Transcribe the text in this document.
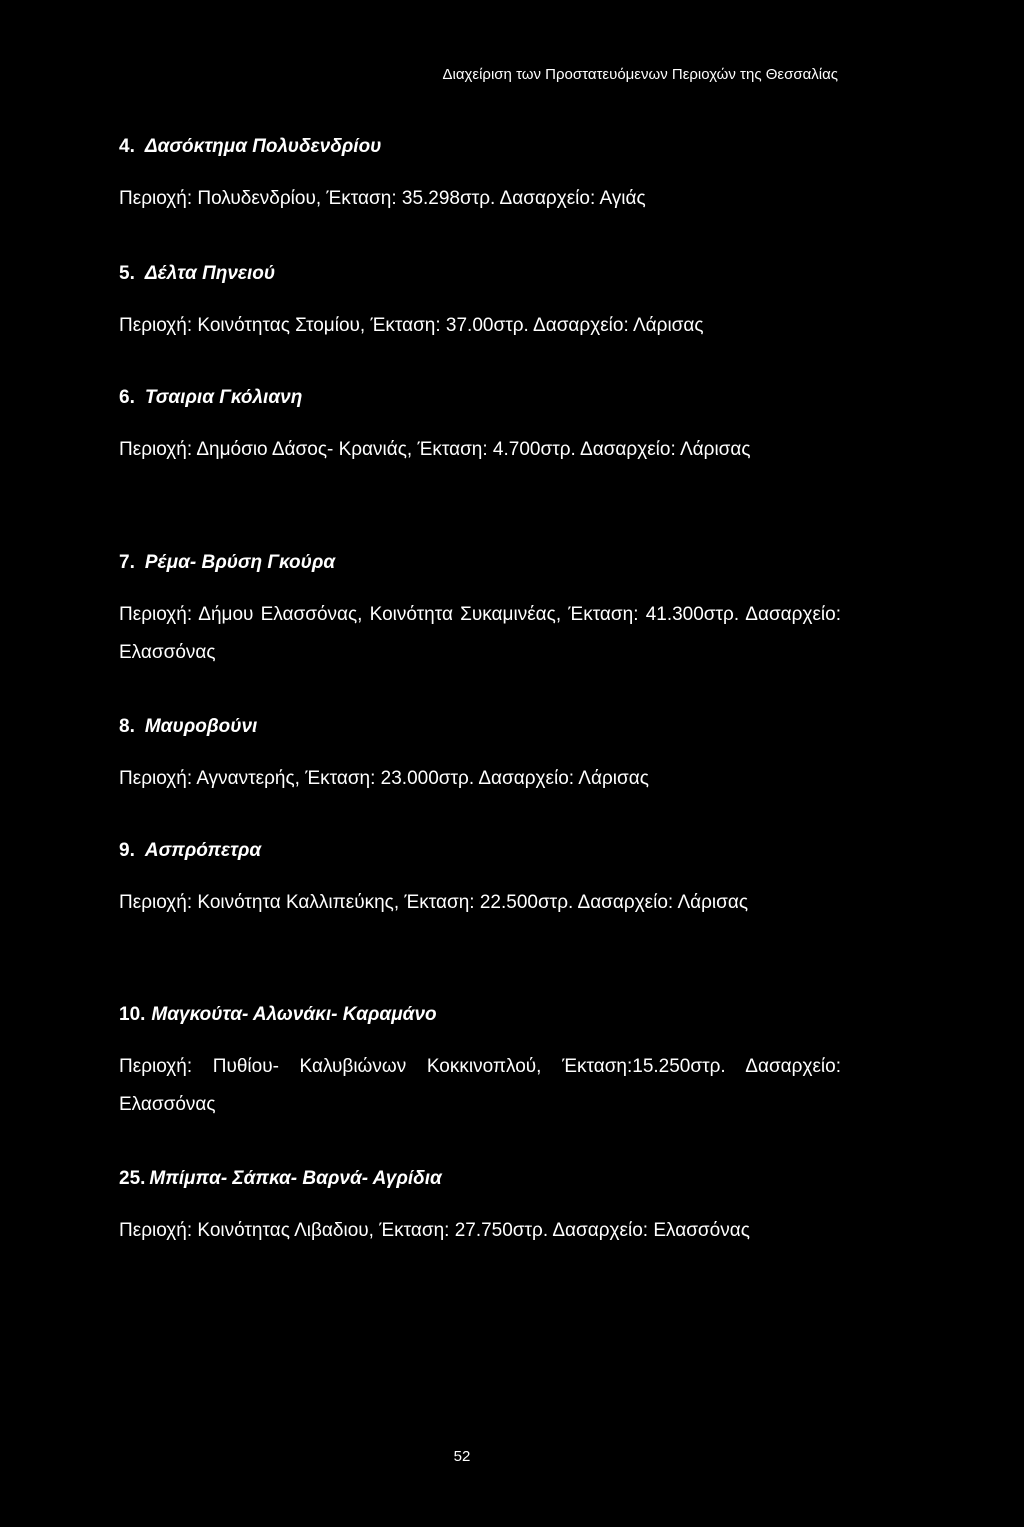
Διαχείριση των Προστατευόμενων Περιοχών της Θεσσαλίας
4. Δασόκτημα Πολυδενδρίου
Περιοχή: Πολυδενδρίου, Έκταση: 35.298στρ. Δασαρχείο: Αγιάς
5. Δέλτα Πηνειού
Περιοχή: Κοινότητας Στομίου, Έκταση: 37.00στρ. Δασαρχείο: Λάρισας
6. Τσαιρια Γκόλιανη
Περιοχή: Δημόσιο Δάσος- Κρανιάς, Έκταση: 4.700στρ. Δασαρχείο: Λάρισας
7. Ρέμα- Βρύση Γκούρα
Περιοχή: Δήμου Ελασσόνας, Κοινότητα Συκαμινέας, Έκταση: 41.300στρ. Δασαρχείο: Ελασσόνας
8. Μαυροβούνι
Περιοχή: Αγναντερής, Έκταση: 23.000στρ. Δασαρχείο: Λάρισας
9. Ασπρόπετρα
Περιοχή: Κοινότητα Καλλιπεύκης, Έκταση: 22.500στρ. Δασαρχείο: Λάρισας
10. Μαγκούτα- Αλωνάκι- Καραμάνο
Περιοχή: Πυθίου- Καλυβιώνων Κοκκινοπλού, Έκταση:15.250στρ. Δασαρχείο: Ελασσόνας
25. Μπίμπα- Σάπκα- Βαρνά- Αγρίδια
Περιοχή: Κοινότητας Λιβαδιου, Έκταση: 27.750στρ. Δασαρχείο: Ελασσόνας
52
